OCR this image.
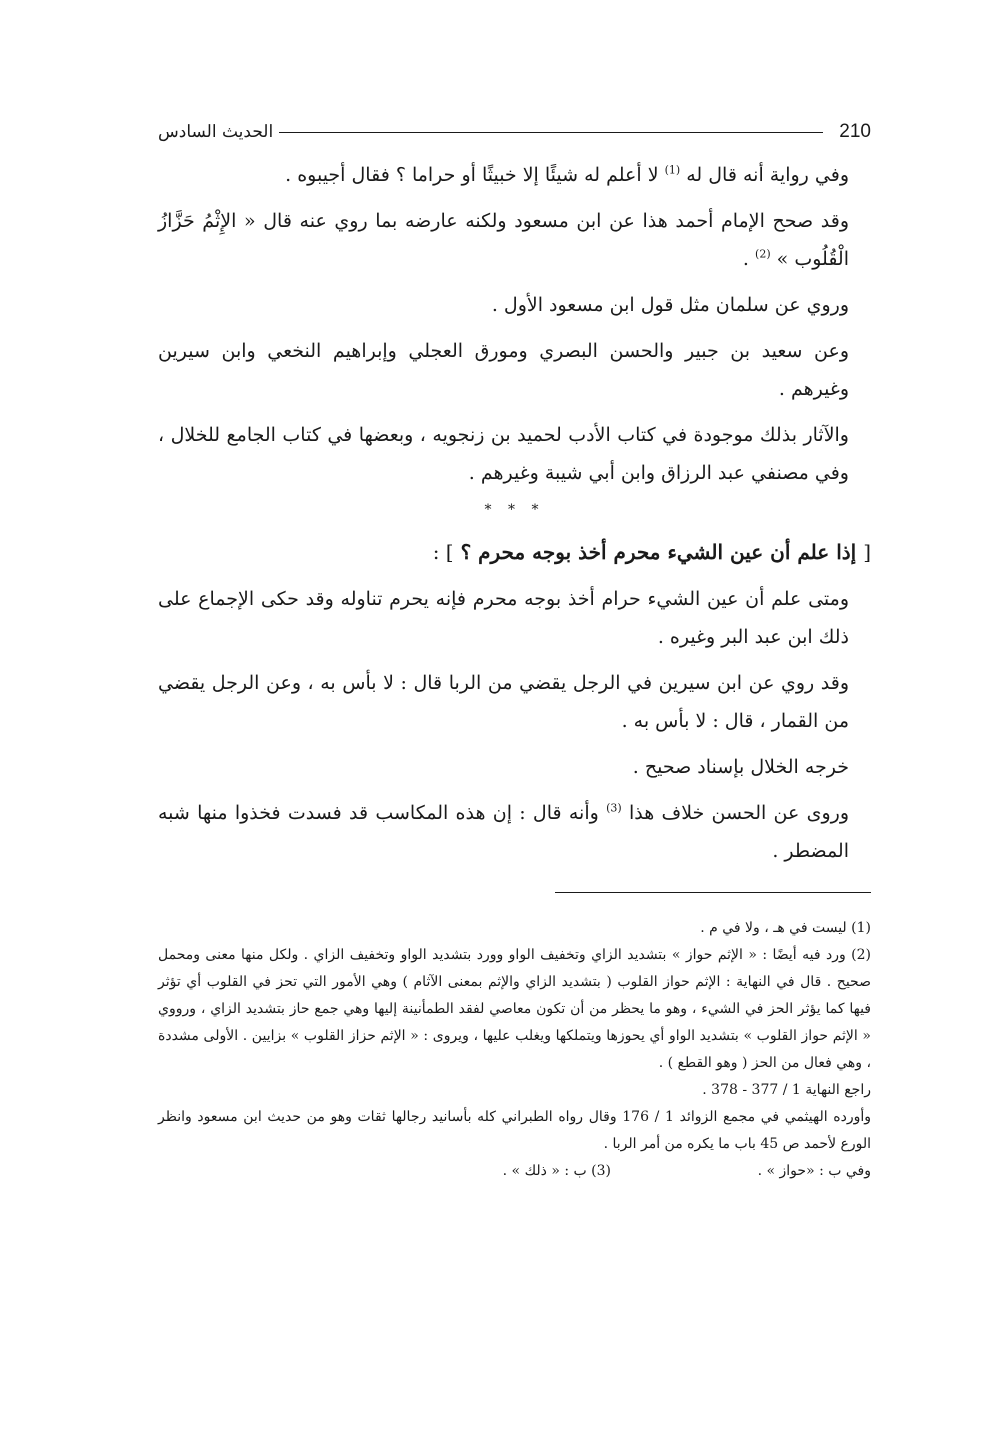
210
الحديث السادس

وفي رواية أنه قال له $^{(1)}$ لا أعلم له شيئًا إلا خبيثًا أو حراما ؟ فقال أجيبوه .

وقد صحح الإمام أحمد هذا عن ابن مسعود ولكنه عارضه بما روي عنه قال « الإِثْمُ حَزَّازُ الْقُلُوب » $^{(2)}$ .

وروي عن سلمان مثل قول ابن مسعود الأول .

وعن سعيد بن جبير والحسن البصري ومورق العجلي وإبراهيم النخعي وابن سيرين وغيرهم .

والآثار بذلك موجودة في كتاب الأدب لحميد بن زنجويه ، وبعضها في كتاب الجامع للخلال ، وفي مصنفي عبد الرزاق وابن أبي شيبة وغيرهم .

* * *

[ إذا علم أن عين الشيء محرم أخذ بوجه محرم ؟ ] :

ومتى علم أن عين الشيء حرام أخذ بوجه محرم فإنه يحرم تناوله وقد حكى الإجماع على ذلك ابن عبد البر وغيره .

وقد روي عن ابن سيرين في الرجل يقضي من الربا قال : لا بأس به ، وعن الرجل يقضي من القمار ، قال : لا بأس به .

خرجه الخلال بإسناد صحيح .

وروى عن الحسن خلاف هذا $^{(3)}$ وأنه قال : إن هذه المكاسب قد فسدت فخذوا منها شبه المضطر .

(1) ليست في هـ ، ولا في م .

(2) ورد فيه أيضًا : « الإثم حواز » بتشديد الزاي وتخفيف الواو وورد بتشديد الواو وتخفيف الزاي . ولكل منها معنى ومحمل صحيح . قال في النهاية : الإثم حواز القلوب ( بتشديد الزاي والإثم بمعنى الآثام ) وهي الأمور التي تحز في القلوب أي تؤثر فيها كما يؤثر الحز في الشيء ، وهو ما يحظر من أن تكون معاصي لفقد الطمأنينة إليها وهي جمع حاز بتشديد الزاي ، ورووي « الإثم حواز القلوب » بتشديد الواو أي يحوزها ويتملكها ويغلب عليها ، ويروى : « الإثم حزاز القلوب » بزايين . الأولى مشددة ، وهي فعال من الحز ( وهو القطع ) .

راجع النهاية 1 / 377 - 378 .

وأورده الهيثمي في مجمع الزوائد 1 / 176 وقال رواه الطبراني كله بأسانيد رجالها ثقات وهو من حديث ابن مسعود وانظر الورع لأحمد ص 45 باب ما يكره من أمر الربا .

وفي ب : «حواز » .
(3) ب : « ذلك » .
